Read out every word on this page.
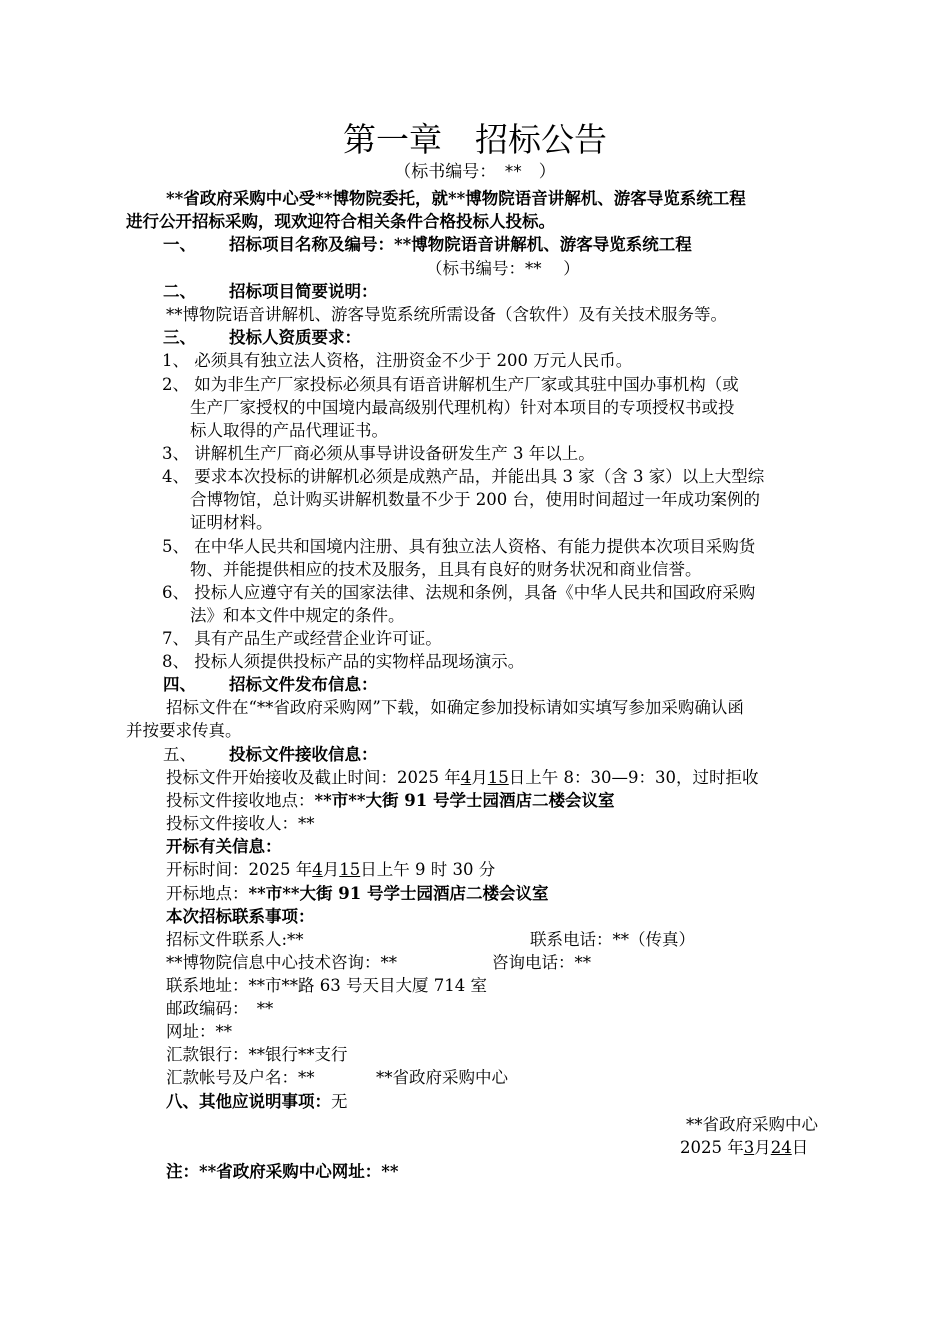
第一章　招标公告
（标书编号：　**　）
**省政府采购中心受**博物院委托，就**博物院语音讲解机、游客导览系统工程
进行公开招标采购，现欢迎符合相关条件合格投标人投标。
一、 招标项目名称及编号：**博物院语音讲解机、游客导览系统工程
（标书编号：**　 ）
二、 招标项目简要说明：
**博物院语音讲解机、游客导览系统所需设备（含软件）及有关技术服务等。
三、 投标人资质要求：
1、 必须具有独立法人资格，注册资金不少于 200 万元人民币。
2、 如为非生产厂家投标必须具有语音讲解机生产厂家或其驻中国办事机构（或
生产厂家授权的中国境内最高级别代理机构）针对本项目的专项授权书或投
标人取得的产品代理证书。
3、 讲解机生产厂商必须从事导讲设备研发生产 3 年以上。
4、 要求本次投标的讲解机必须是成熟产品，并能出具 3 家（含 3 家）以上大型综
合博物馆，总计购买讲解机数量不少于 200 台，使用时间超过一年成功案例的
证明材料。
5、 在中华人民共和国境内注册、具有独立法人资格、有能力提供本次项目采购货
物、并能提供相应的技术及服务，且具有良好的财务状况和商业信誉。
6、 投标人应遵守有关的国家法律、法规和条例，具备《中华人民共和国政府采购
法》和本文件中规定的条件。
7、 具有产品生产或经营企业许可证。
8、 投标人须提供投标产品的实物样品现场演示。
四、 招标文件发布信息：
招标文件在“**省政府采购网”下载，如确定参加投标请如实填写参加采购确认函
并按要求传真。
五、 投标文件接收信息：
投标文件开始接收及截止时间：2025 年4月15日上午 8：30—9：30，过时拒收
投标文件接收地点：**市**大街 91 号学士园酒店二楼会议室
投标文件接收人：**
开标有关信息：
开标时间：2025 年4月15日上午 9 时 30 分
开标地点：**市**大街 91 号学士园酒店二楼会议室
本次招标联系事项：
招标文件联系人:**	联系电话：**（传真）
**博物院信息中心技术咨询：**	咨询电话：**
联系地址：**市**路 63 号天目大厦 714 室
邮政编码：　**
网址：**
汇款银行：**银行**支行
汇款帐号及户名：**	**省政府采购中心
八、其他应说明事项：无
**省政府采购中心
2025 年3月24日
注：**省政府采购中心网址：**
